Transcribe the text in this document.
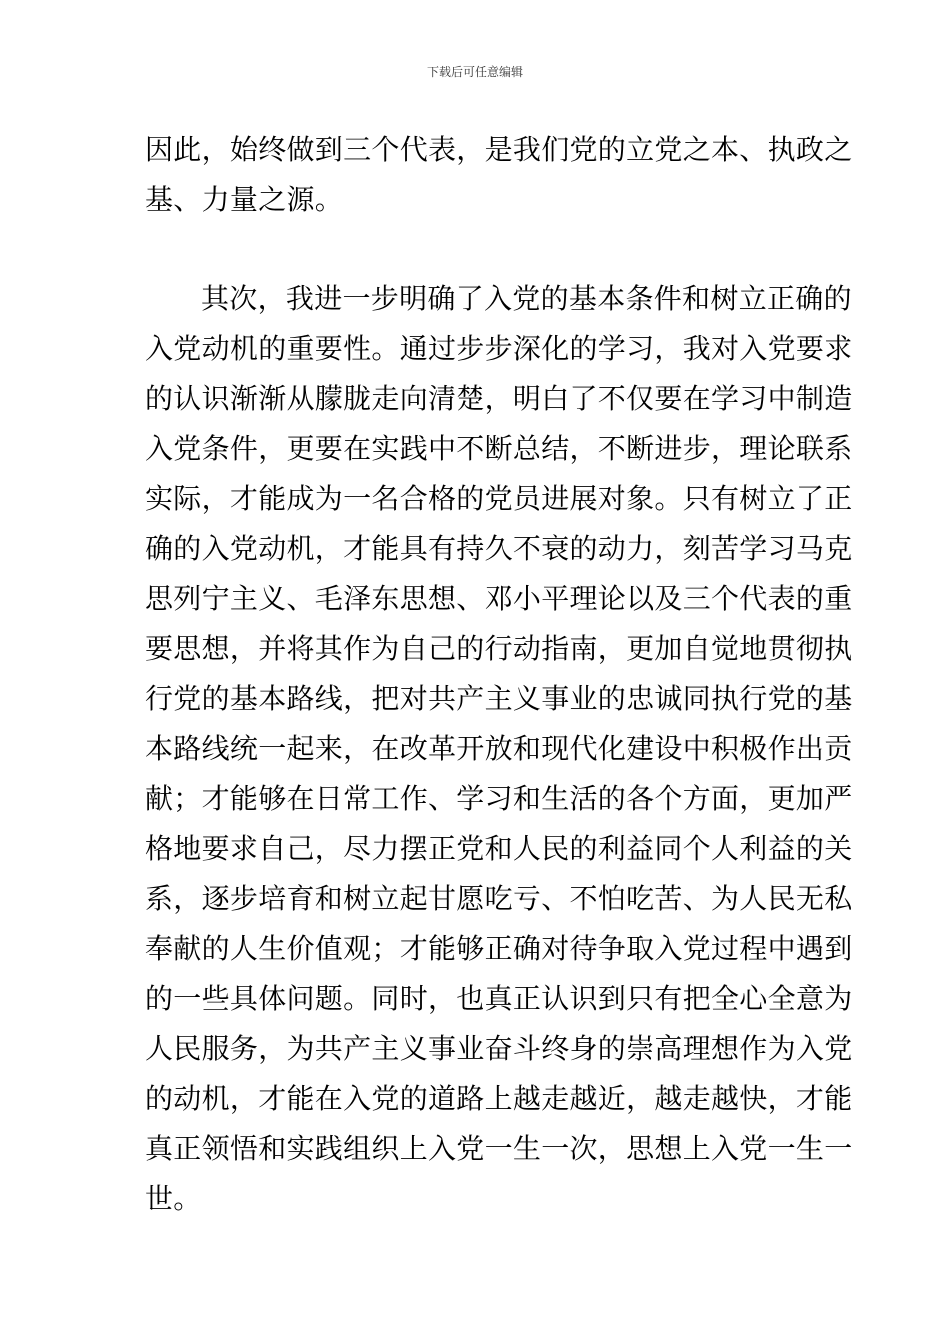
下载后可任意编辑
因此，始终做到三个代表，是我们党的立党之本、执政之
基、力量之源。
其次，我进一步明确了入党的基本条件和树立正确的
入党动机的重要性。通过步步深化的学习，我对入党要求
的认识渐渐从朦胧走向清楚，明白了不仅要在学习中制造
入党条件，更要在实践中不断总结，不断进步，理论联系
实际，才能成为一名合格的党员进展对象。只有树立了正
确的入党动机，才能具有持久不衰的动力，刻苦学习马克
思列宁主义、毛泽东思想、邓小平理论以及三个代表的重
要思想，并将其作为自己的行动指南，更加自觉地贯彻执
行党的基本路线，把对共产主义事业的忠诚同执行党的基
本路线统一起来，在改革开放和现代化建设中积极作出贡
献；才能够在日常工作、学习和生活的各个方面，更加严
格地要求自己，尽力摆正党和人民的利益同个人利益的关
系，逐步培育和树立起甘愿吃亏、不怕吃苦、为人民无私
奉献的人生价值观；才能够正确对待争取入党过程中遇到
的一些具体问题。同时，也真正认识到只有把全心全意为
人民服务，为共产主义事业奋斗终身的崇高理想作为入党
的动机，才能在入党的道路上越走越近，越走越快，才能
真正领悟和实践组织上入党一生一次，思想上入党一生一
世。
